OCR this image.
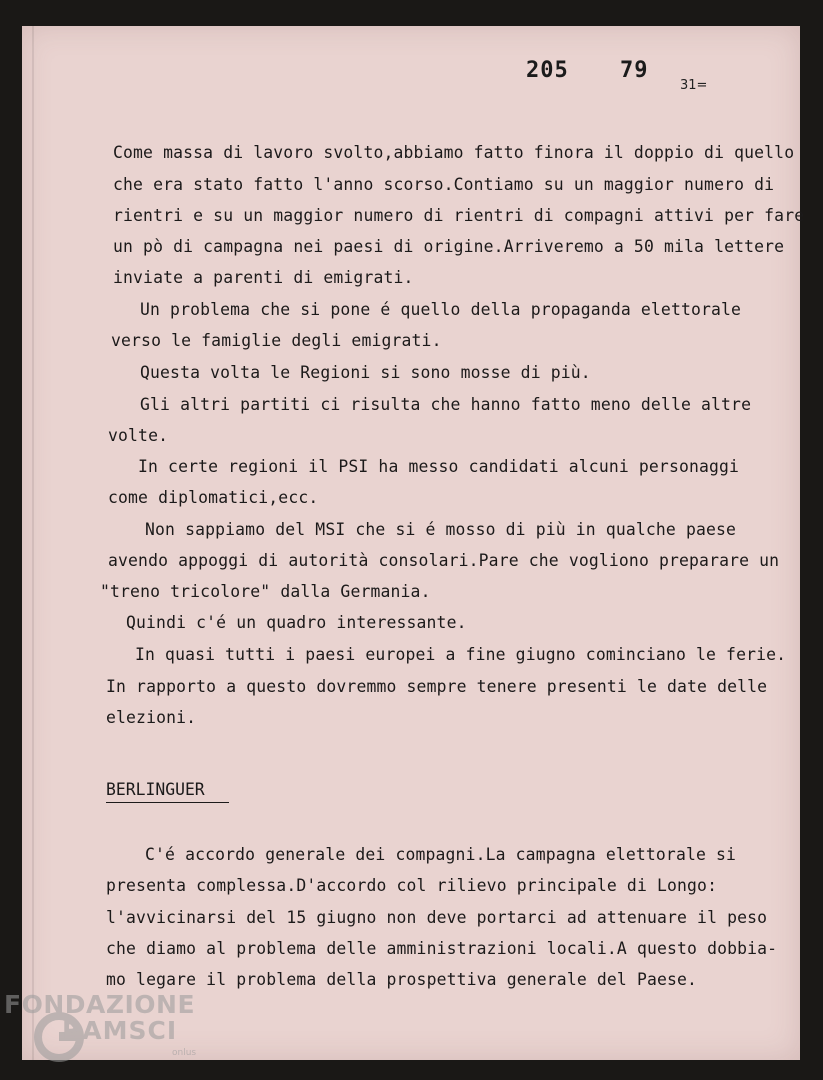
205 79
31=
Come massa di lavoro svolto,abbiamo fatto finora il doppio di quello
che era stato fatto l'anno scorso.Contiamo su un maggior numero di
rientri e su un maggior numero di rientri di compagni attivi per fare
un pò di campagna nei paesi di origine.Arriveremo a 50 mila lettere
inviate a parenti di emigrati.
Un problema che si pone é quello della propaganda elettorale
verso le famiglie degli emigrati.
Questa volta le Regioni si sono mosse di più.
Gli altri partiti ci risulta che hanno fatto meno delle altre
volte.
In certe regioni il PSI ha messo candidati alcuni personaggi
come diplomatici,ecc.
Non sappiamo del MSI che si é mosso di più in qualche paese
avendo appoggi di autorità consolari.Pare che vogliono preparare un
"treno tricolore" dalla Germania.
Quindi c'é un quadro interessante.
In quasi tutti i paesi europei a fine giugno cominciano le ferie.
In rapporto a questo dovremmo sempre tenere presenti le date delle
elezioni.
BERLINGUER
C'é accordo generale dei compagni.La campagna elettorale si
presenta complessa.D'accordo col rilievo principale di Longo:
l'avvicinarsi del 15 giugno non deve portarci ad attenuare il peso
che diamo al problema delle amministrazioni locali.A questo dobbia-
mo legare il problema della prospettiva generale del Paese.
FONDAZIONE
RAMSCI
onlus
